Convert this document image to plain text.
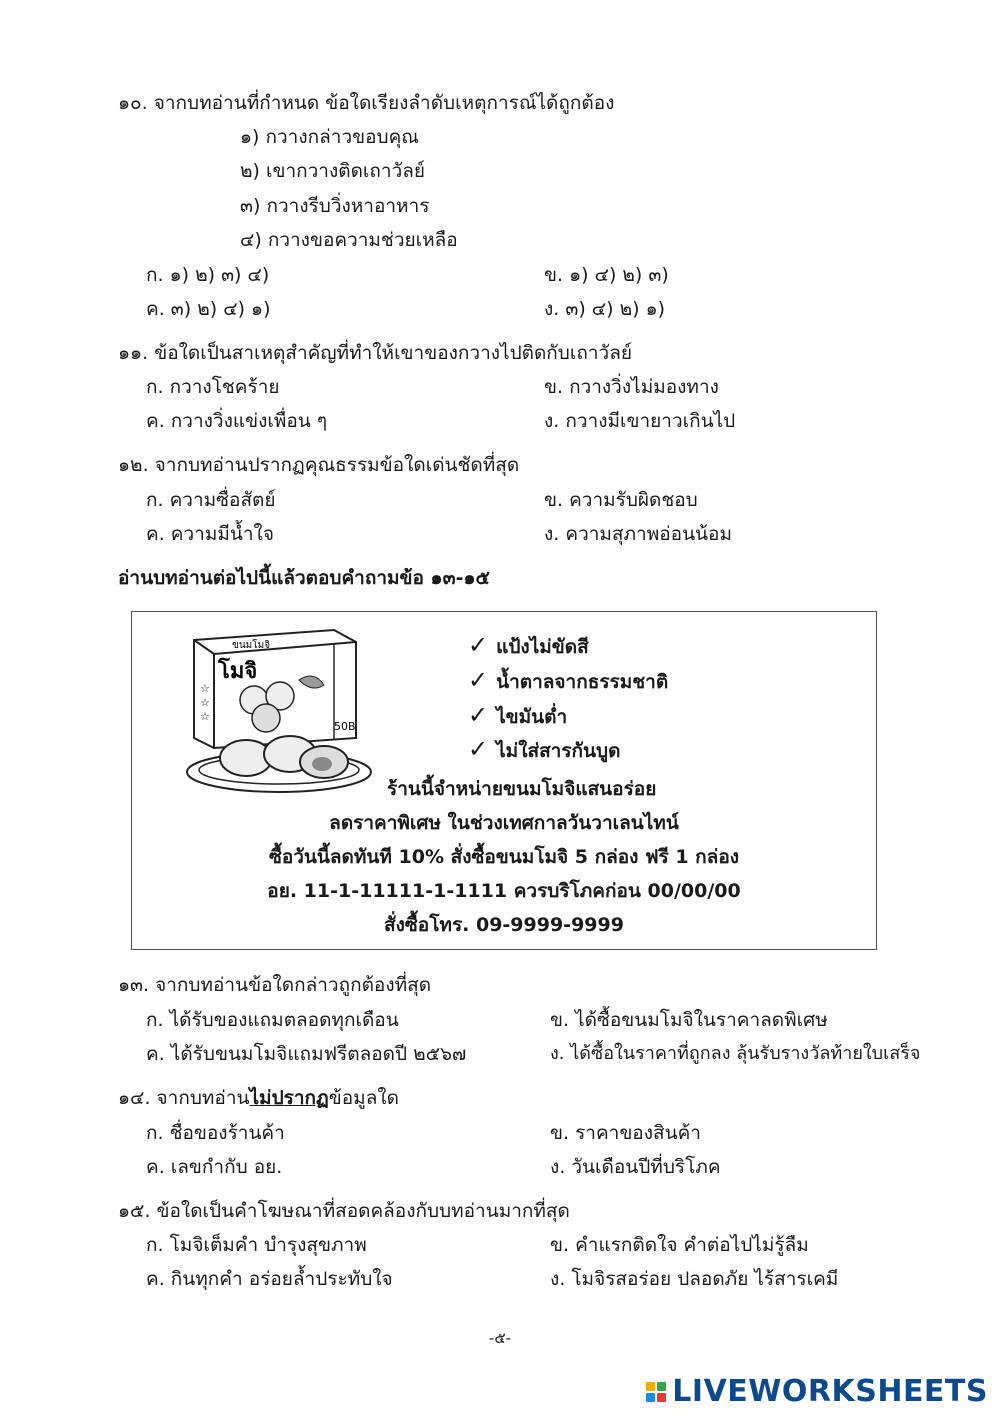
๑๐. จากบทอ่านที่กำหนด ข้อใดเรียงลำดับเหตุการณ์ได้ถูกต้อง
๑) กวางกล่าวขอบคุณ
๒) เขากวางติดเถาวัลย์
๓) กวางรีบวิ่งหาอาหาร
๔) กวางขอความช่วยเหลือ
ก. ๑) ๒) ๓) ๔)	ข. ๑) ๔) ๒) ๓)
ค. ๓) ๒) ๔) ๑)	ง. ๓) ๔) ๒) ๑)
๑๑. ข้อใดเป็นสาเหตุสำคัญที่ทำให้เขาของกวางไปติดกับเถาวัลย์
ก. กวางโชคร้าย	ข. กวางวิ่งไม่มองทาง
ค. กวางวิ่งแข่งเพื่อน ๆ	ง. กวางมีเขายาวเกินไป
๑๒. จากบทอ่านปรากฏคุณธรรมข้อใดเด่นชัดที่สุด
ก. ความซื่อสัตย์	ข. ความรับผิดชอบ
ค. ความมีน้ำใจ	ง. ความสุภาพอ่อนน้อม
อ่านบทอ่านต่อไปนี้แล้วตอบคำถามข้อ ๑๓-๑๕
ขนมโมจิ
โมจิ
☆
☆
☆
50B
✓ แป้งไม่ขัดสี
✓ น้ำตาลจากธรรมชาติ
✓ ไขมันต่ำ
✓ ไม่ใส่สารกันบูด
ร้านนี้จำหน่ายขนมโมจิแสนอร่อย
ลดราคาพิเศษ ในช่วงเทศกาลวันวาเลนไทน์
ซื้อวันนี้ลดทันที 10% สั่งซื้อขนมโมจิ 5 กล่อง ฟรี 1 กล่อง
อย. 11-1-11111-1-1111 ควรบริโภคก่อน 00/00/00
สั่งซื้อโทร. 09-9999-9999
๑๓. จากบทอ่านข้อใดกล่าวถูกต้องที่สุด
ก. ได้รับของแถมตลอดทุกเดือน	ข. ได้ซื้อขนมโมจิในราคาลดพิเศษ
ค. ได้รับขนมโมจิแถมฟรีตลอดปี ๒๕๖๗	ง. ได้ซื้อในราคาที่ถูกลง ลุ้นรับรางวัลท้ายใบเสร็จ
๑๔. จากบทอ่านไม่ปรากฏข้อมูลใด
ก. ชื่อของร้านค้า	ข. ราคาของสินค้า
ค. เลขกำกับ อย.	ง. วันเดือนปีที่บริโภค
๑๕. ข้อใดเป็นคำโฆษณาที่สอดคล้องกับบทอ่านมากที่สุด
ก. โมจิเต็มคำ บำรุงสุขภาพ	ข. คำแรกติดใจ คำต่อไปไม่รู้ลืม
ค. กินทุกคำ อร่อยล้ำประทับใจ	ง. โมจิรสอร่อย ปลอดภัย ไร้สารเคมี
-๕-
LIVEWORKSHEETS
